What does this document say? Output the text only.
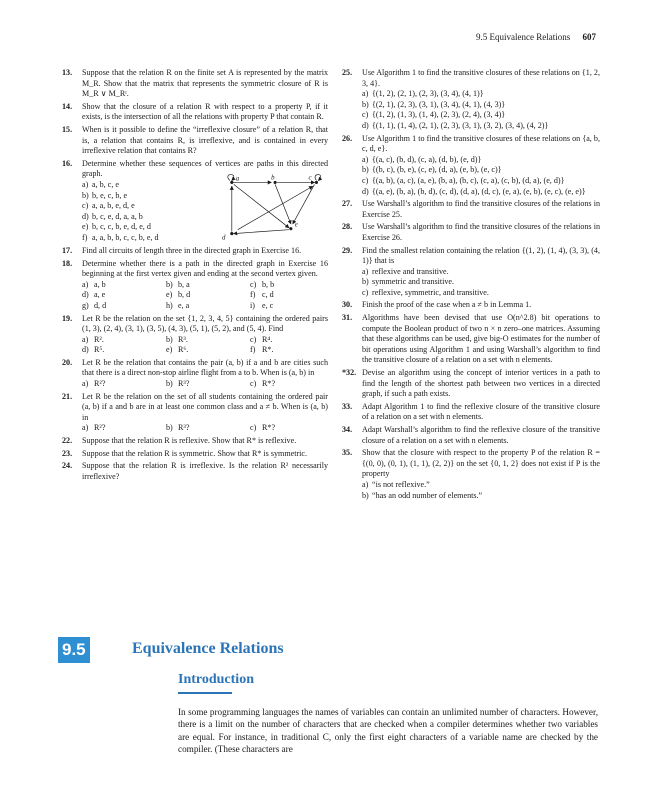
9.5 Equivalence Relations 607
13. Suppose that the relation R on the finite set A is represented by the matrix M_R. Show that the matrix that represents the symmetric closure of R is M_R ∨ M_Rᵗ.
14. Show that the closure of a relation R with respect to a property P, if it exists, is the intersection of all the relations with property P that contain R.
15. When is it possible to define the “irreflexive closure” of a relation R, that is, a relation that contains R, is irreflexive, and is contained in every irreflexive relation that contains R?
16. Determine whether these sequences of vertices are paths in this directed graph.
a) a, b, c, e
b) b, e, c, b, e
c) a, a, b, e, d, e
d) b, c, e, d, a, a, b
e) b, c, c, b, e, d, e, d
f) a, a, b, b, c, c, b, e, d
a	b	c
d
e
17. Find all circuits of length three in the directed graph in Exercise 16.
18. Determine whether there is a path in the directed graph in Exercise 16 beginning at the first vertex given and ending at the second vertex given.
a) a, b	b) b, a	c) b, b
d) a, e	e) b, d	f) c, d
g) d, d	h) e, a	i) e, c
19. Let R be the relation on the set {1, 2, 3, 4, 5} containing the ordered pairs (1, 3), (2, 4), (3, 1), (3, 5), (4, 3), (5, 1), (5, 2), and (5, 4). Find
a) R².	b) R³.	c) R⁴.
d) R⁵.	e) R⁶.	f) R*.
20. Let R be the relation that contains the pair (a, b) if a and b are cities such that there is a direct non-stop airline flight from a to b. When is (a, b) in
a) R²?	b) R³?	c) R*?
21. Let R be the relation on the set of all students containing the ordered pair (a, b) if a and b are in at least one common class and a ≠ b. When is (a, b) in
a) R²?	b) R³?	c) R*?
22. Suppose that the relation R is reflexive. Show that R* is reflexive.
23. Suppose that the relation R is symmetric. Show that R* is symmetric.
24. Suppose that the relation R is irreflexive. Is the relation R² necessarily irreflexive?
25. Use Algorithm 1 to find the transitive closures of these relations on {1, 2, 3, 4}.
a) {(1, 2), (2, 1), (2, 3), (3, 4), (4, 1)}
b) {(2, 1), (2, 3), (3, 1), (3, 4), (4, 1), (4, 3)}
c) {(1, 2), (1, 3), (1, 4), (2, 3), (2, 4), (3, 4)}
d) {(1, 1), (1, 4), (2, 1), (2, 3), (3, 1), (3, 2), (3, 4), (4, 2)}
26. Use Algorithm 1 to find the transitive closures of these relations on {a, b, c, d, e}.
a) {(a, c), (b, d), (c, a), (d, b), (e, d)}
b) {(b, c), (b, e), (c, e), (d, a), (e, b), (e, c)}
c) {(a, b), (a, c), (a, e), (b, a), (b, c), (c, a), (c, b), (d, a), (e, d)}
d) {(a, e), (b, a), (b, d), (c, d), (d, a), (d, c), (e, a), (e, b), (e, c), (e, e)}
27. Use Warshall’s algorithm to find the transitive closures of the relations in Exercise 25.
28. Use Warshall’s algorithm to find the transitive closures of the relations in Exercise 26.
29. Find the smallest relation containing the relation {(1, 2), (1, 4), (3, 3), (4, 1)} that is
a) reflexive and transitive.
b) symmetric and transitive.
c) reflexive, symmetric, and transitive.
30. Finish the proof of the case when a ≠ b in Lemma 1.
31. Algorithms have been devised that use O(n^2.8) bit operations to compute the Boolean product of two n × n zero–one matrices. Assuming that these algorithms can be used, give big-O estimates for the number of bit operations using Algorithm 1 and using Warshall’s algorithm to find the transitive closure of a relation on a set with n elements.
*32. Devise an algorithm using the concept of interior vertices in a path to find the length of the shortest path between two vertices in a directed graph, if such a path exists.
33. Adapt Algorithm 1 to find the reflexive closure of the transitive closure of a relation on a set with n elements.
34. Adapt Warshall’s algorithm to find the reflexive closure of the transitive closure of a relation on a set with n elements.
35. Show that the closure with respect to the property P of the relation R = {(0, 0), (0, 1), (1, 1), (2, 2)} on the set {0, 1, 2} does not exist if P is the property
a) “is not reflexive.”
b) “has an odd number of elements.”
9.5	Equivalence Relations
Introduction
In some programming languages the names of variables can contain an unlimited number of characters. However, there is a limit on the number of characters that are checked when a compiler determines whether two variables are equal. For instance, in traditional C, only the first eight characters of a variable name are checked by the compiler. (These characters are
